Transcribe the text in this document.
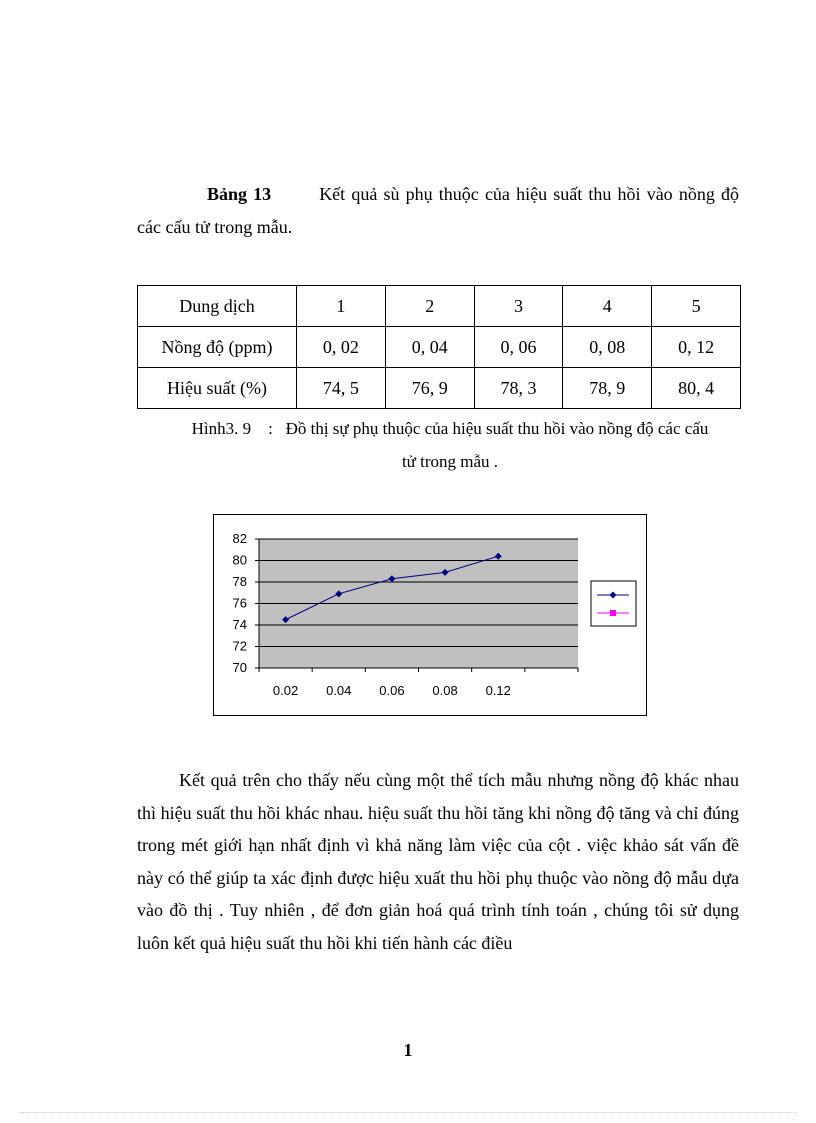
Bảng 13	Kết quả sù phụ thuộc của hiệu suất thu hồi vào nồng độ các cấu tử trong mẫu.
Dung dịch	1	2	3	4	5
Nồng độ (ppm)	0, 02	0, 04	0, 06	0, 08	0, 12
Hiệu suất (%)	74, 5	76, 9	78, 3	78, 9	80, 4
Hình3. 9    :   Đồ thị sự phụ thuộc của hiệu suất thu hồi vào nồng độ các cấu
tử trong mẫu .
70
72
74
76
78
80
82
0.02 0.04 0.06 0.08 0.12
Kết quả trên cho thấy nếu cùng một thể tích mẫu nhưng nồng độ khác nhau thì hiệu suất thu hồi khác nhau. hiệu suất thu hồi tăng khi nồng độ tăng và chỉ đúng trong mét giới hạn nhất định vì khả năng làm việc của cột . việc khảo sát vấn đề này có thể giúp ta xác định được hiệu xuất thu hồi phụ thuộc vào nồng độ mẫu dựa vào đồ thị . Tuy nhiên , để đơn giản hoá quá trình tính toán , chúng tôi sử dụng luôn kết quả hiệu suất thu hồi khi tiến hành các điều
1
